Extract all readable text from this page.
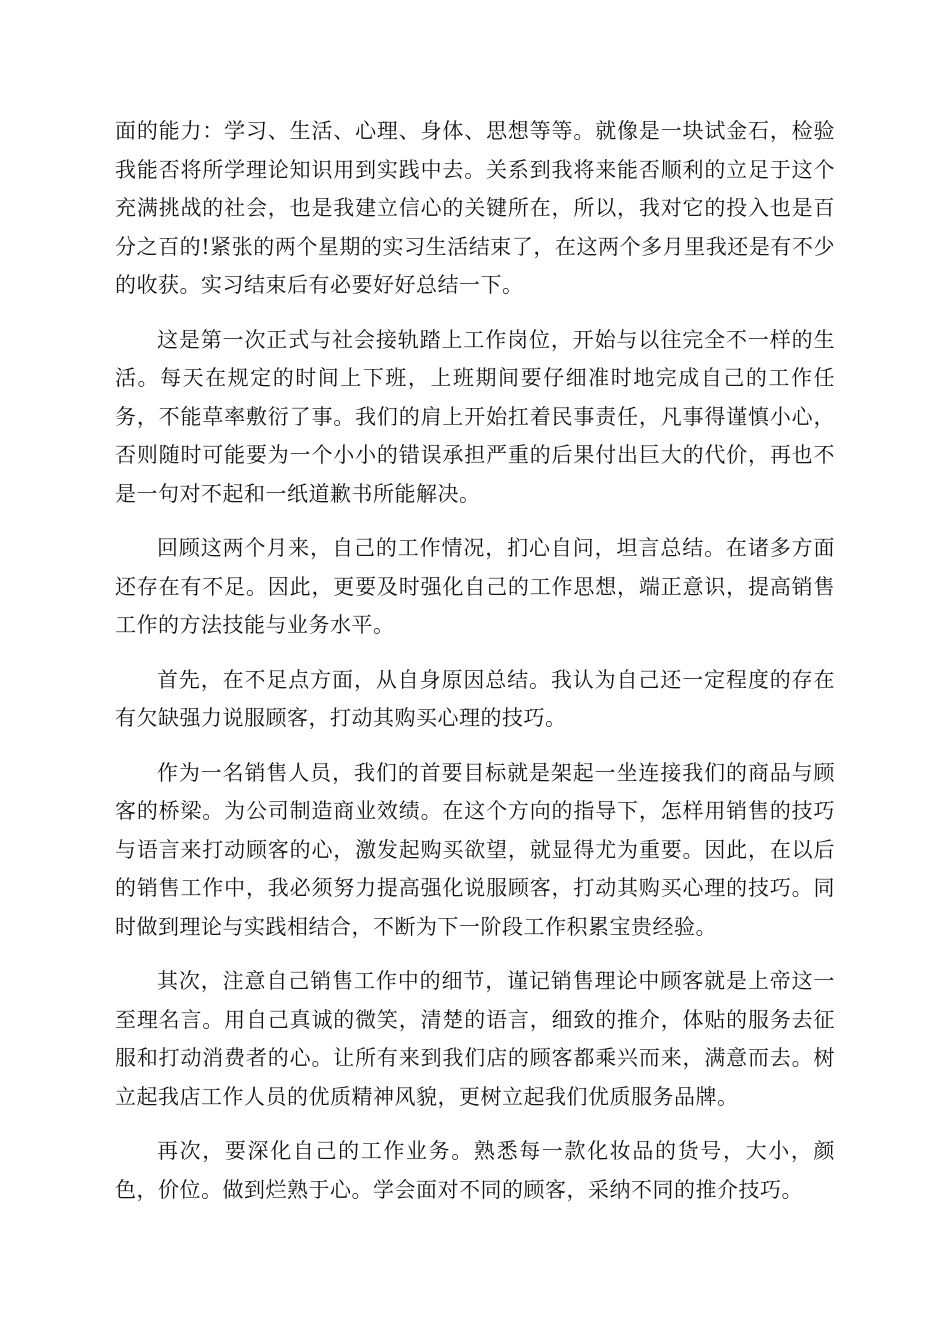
面的能力：学习、生活、心理、身体、思想等等。就像是一块试金石，检验我能否将所学理论知识用到实践中去。关系到我将来能否顺利的立足于这个充满挑战的社会，也是我建立信心的关键所在，所以，我对它的投入也是百分之百的!紧张的两个星期的实习生活结束了，在这两个多月里我还是有不少的收获。实习结束后有必要好好总结一下。

这是第一次正式与社会接轨踏上工作岗位，开始与以往完全不一样的生活。每天在规定的时间上下班，上班期间要仔细准时地完成自己的工作任务，不能草率敷衍了事。我们的肩上开始扛着民事责任，凡事得谨慎小心，否则随时可能要为一个小小的错误承担严重的后果付出巨大的代价，再也不是一句对不起和一纸道歉书所能解决。

回顾这两个月来，自己的工作情况，扪心自问，坦言总结。在诸多方面还存在有不足。因此，更要及时强化自己的工作思想，端正意识，提高销售工作的方法技能与业务水平。

首先，在不足点方面，从自身原因总结。我认为自己还一定程度的存在有欠缺强力说服顾客，打动其购买心理的技巧。

作为一名销售人员，我们的首要目标就是架起一坐连接我们的商品与顾客的桥梁。为公司制造商业效绩。在这个方向的指导下，怎样用销售的技巧与语言来打动顾客的心，激发起购买欲望，就显得尤为重要。因此，在以后的销售工作中，我必须努力提高强化说服顾客，打动其购买心理的技巧。同时做到理论与实践相结合，不断为下一阶段工作积累宝贵经验。

其次，注意自己销售工作中的细节，谨记销售理论中顾客就是上帝这一至理名言。用自己真诚的微笑，清楚的语言，细致的推介，体贴的服务去征服和打动消费者的心。让所有来到我们店的顾客都乘兴而来，满意而去。树立起我店工作人员的优质精神风貌，更树立起我们优质服务品牌。

再次，要深化自己的工作业务。熟悉每一款化妆品的货号，大小，颜色，价位。做到烂熟于心。学会面对不同的顾客，采纳不同的推介技巧。
